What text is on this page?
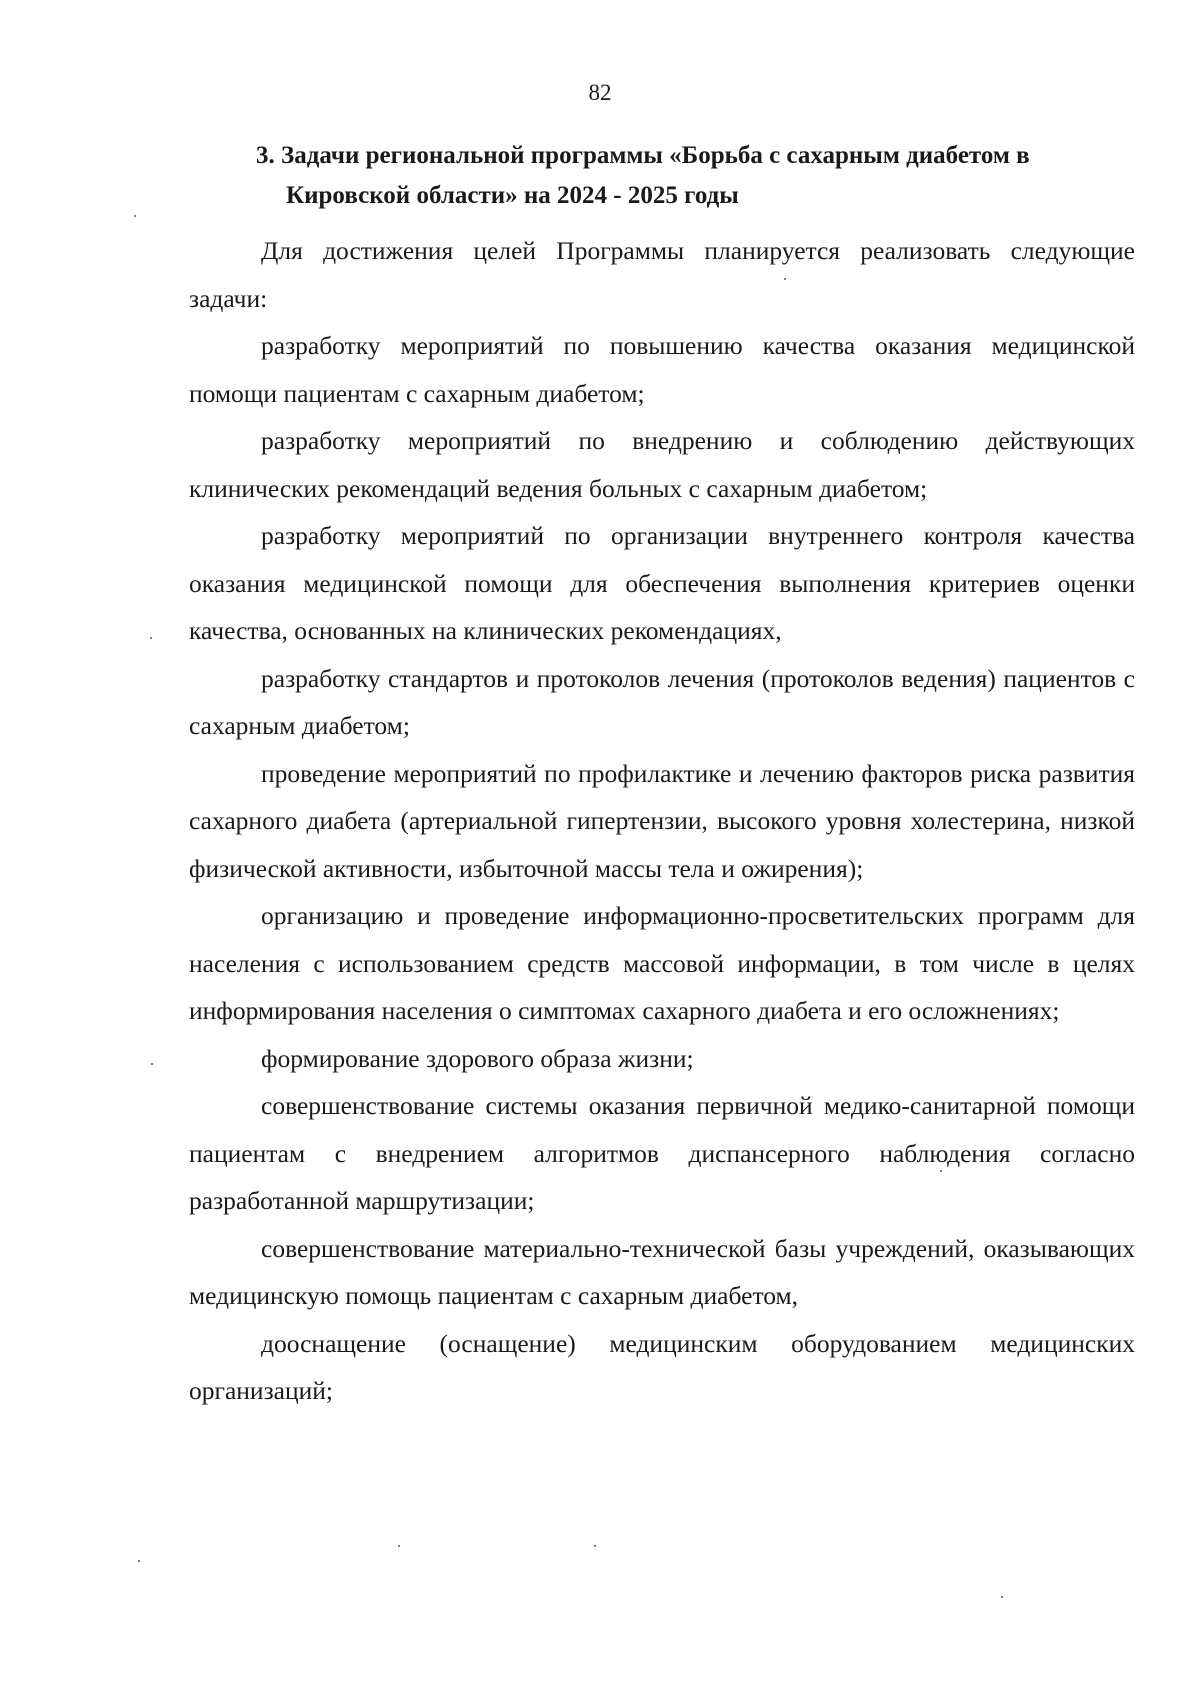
82
3. Задачи региональной программы «Борьба с сахарным диабетом в
Кировской области» на 2024 - 2025 годы

Для достижения целей Программы планируется реализовать следующие задачи:

разработку мероприятий по повышению качества оказания медицинской помощи пациентам с сахарным диабетом;

разработку мероприятий по внедрению и соблюдению действующих клинических рекомендаций ведения больных с сахарным диабетом;

разработку мероприятий по организации внутреннего контроля качества оказания медицинской помощи для обеспечения выполнения критериев оценки качества, основанных на клинических рекомендациях,

разработку стандартов и протоколов лечения (протоколов ведения) пациентов с сахарным диабетом;

проведение мероприятий по профилактике и лечению факторов риска развития сахарного диабета (артериальной гипертензии, высокого уровня холестерина, низкой физической активности, избыточной массы тела и ожирения);

организацию и проведение информационно-просветительских программ для населения с использованием средств массовой информации, в том числе в целях информирования населения о симптомах сахарного диабета и его осложнениях;

формирование здорового образа жизни;

совершенствование системы оказания первичной медико-санитарной помощи пациентам с внедрением алгоритмов диспансерного наблюдения согласно разработанной маршрутизации;

совершенствование материально-технической базы учреждений, оказывающих медицинскую помощь пациентам с сахарным диабетом,

дооснащение (оснащение) медицинским оборудованием медицинских организаций;
